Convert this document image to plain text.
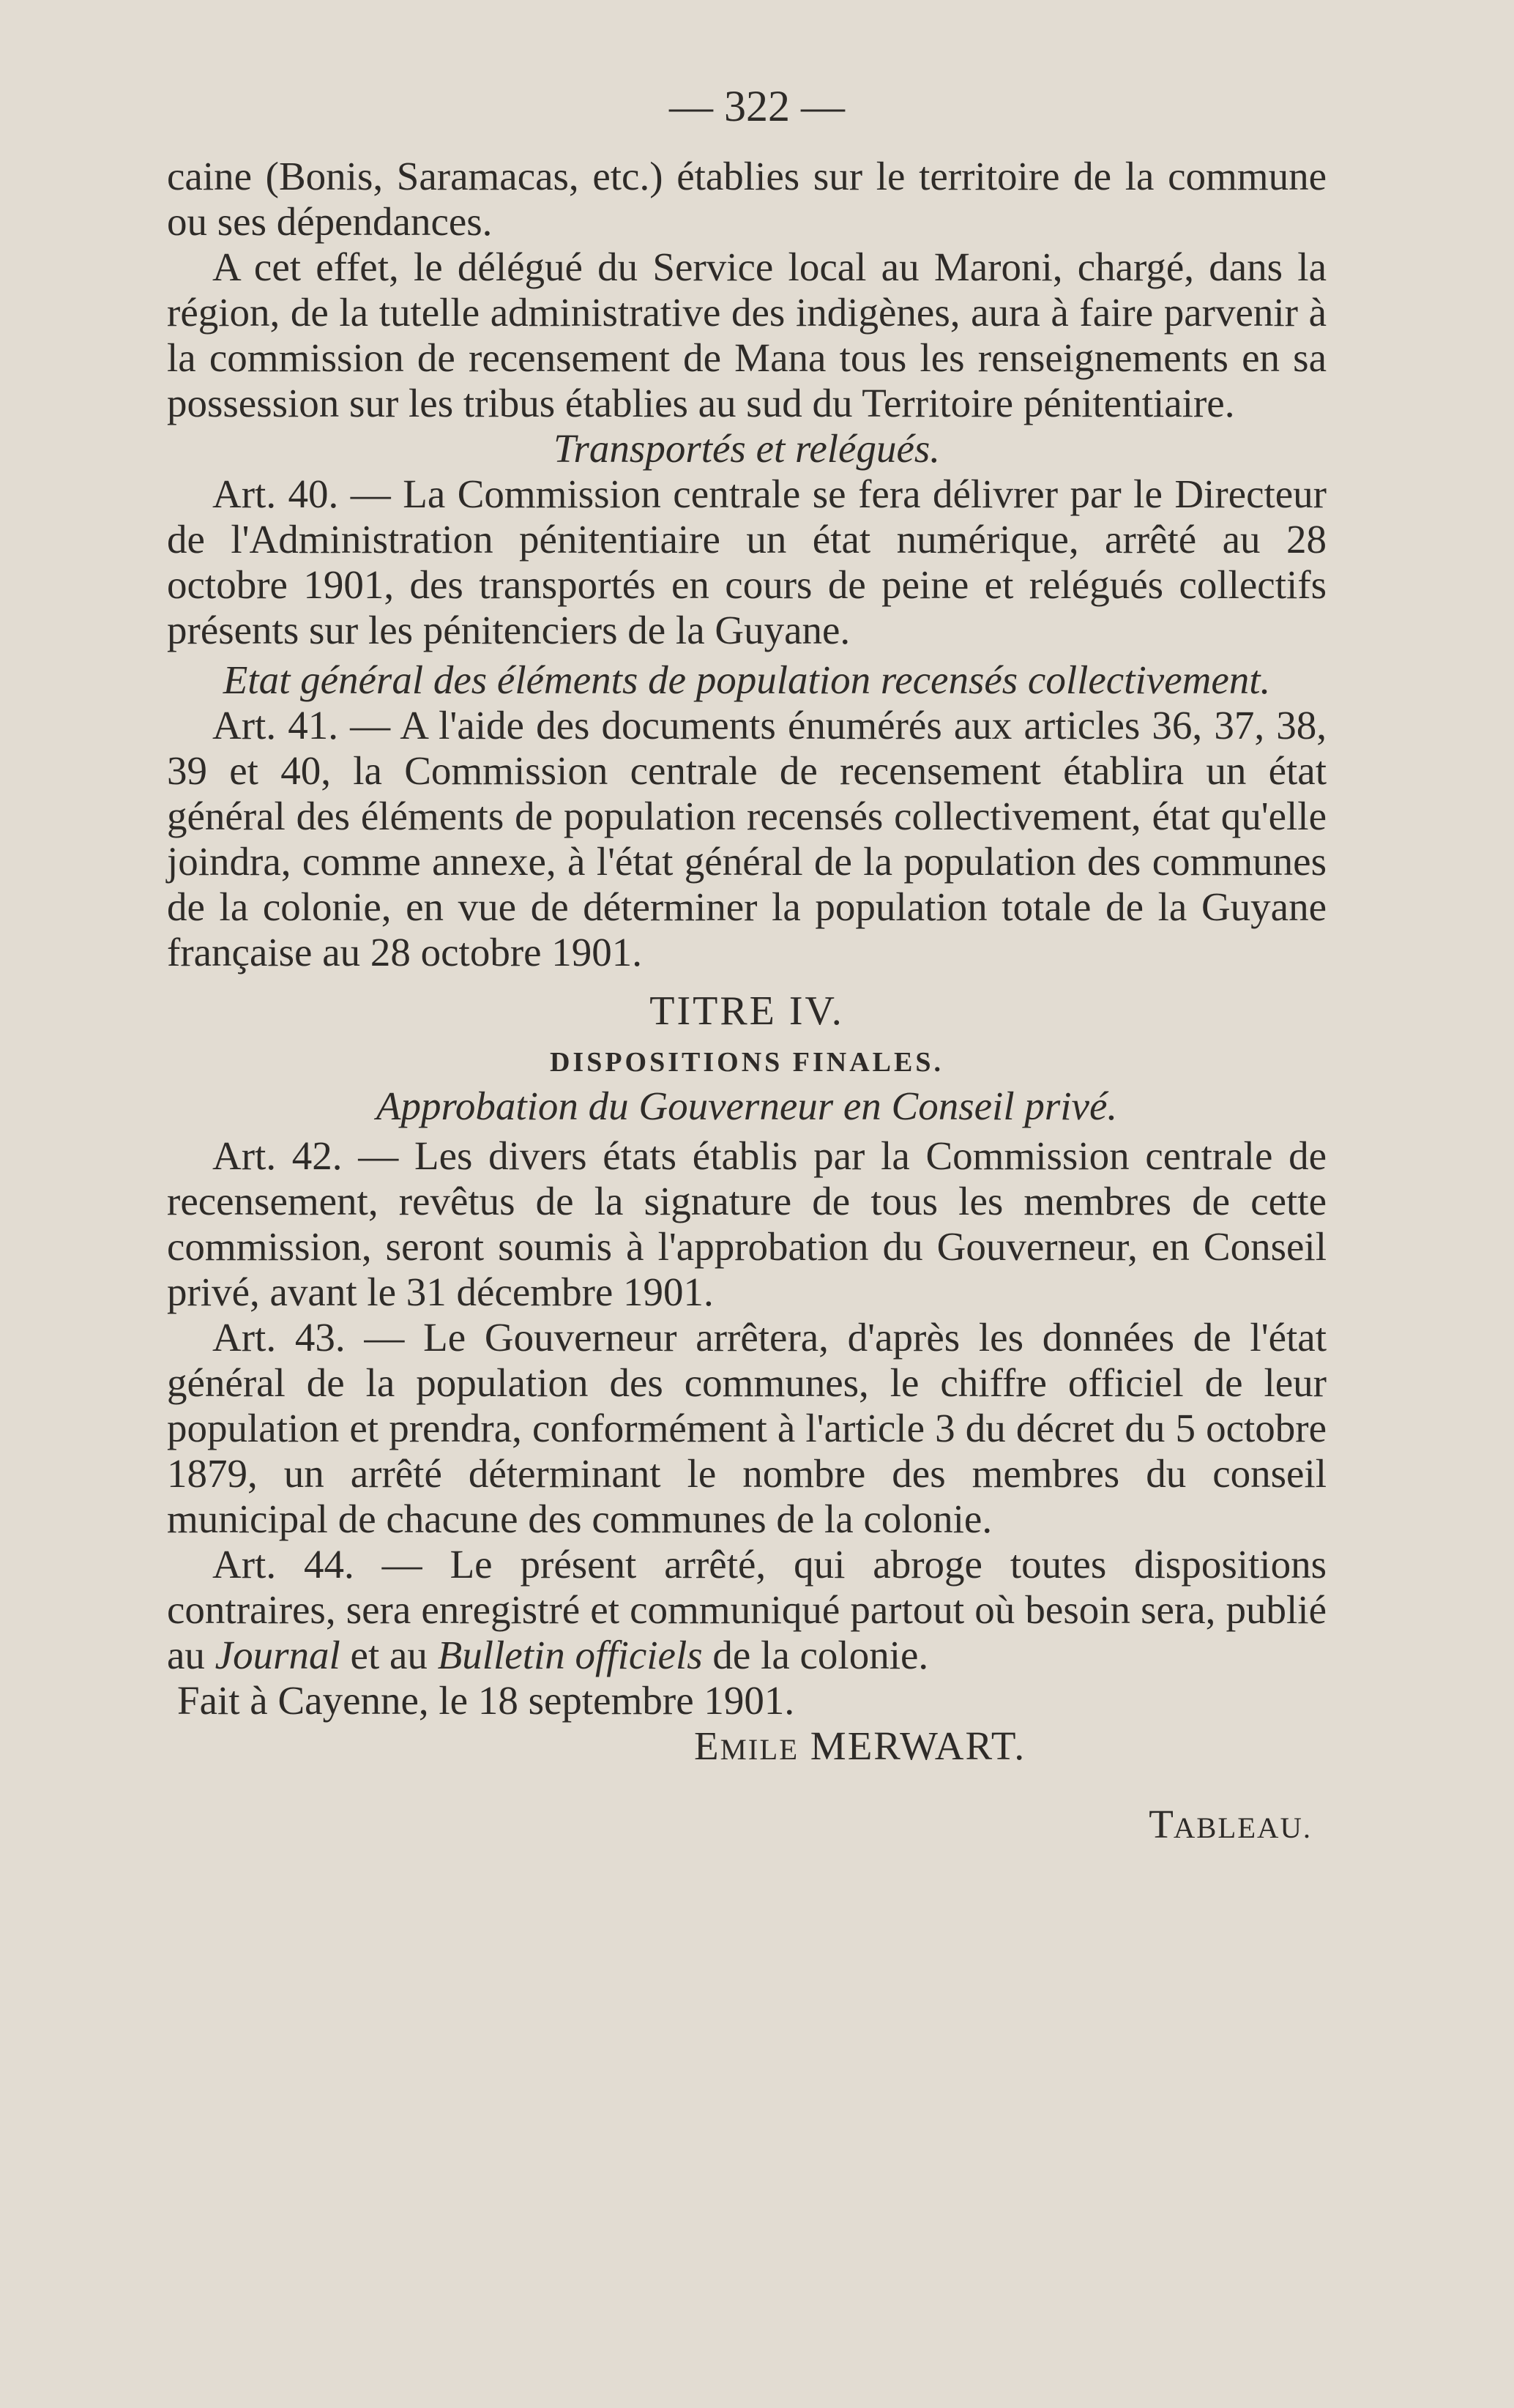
— 322 —

caine (Bonis, Saramacas, etc.) établies sur le territoire de la commune ou ses dépendances.

A cet effet, le délégué du Service local au Maroni, chargé, dans la région, de la tutelle administrative des indigènes, aura à faire parvenir à la commission de recensement de Mana tous les renseignements en sa possession sur les tribus établies au sud du Territoire pénitentiaire.

Transportés et relégués.

Art. 40. — La Commission centrale se fera délivrer par le Directeur de l'Administration pénitentiaire un état numérique, arrêté au 28 octobre 1901, des transportés en cours de peine et relégués collectifs présents sur les pénitenciers de la Guyane.

Etat général des éléments de population recensés collectivement.

Art. 41. — A l'aide des documents énumérés aux articles 36, 37, 38, 39 et 40, la Commission centrale de recensement établira un état général des éléments de population recensés collectivement, état qu'elle joindra, comme annexe, à l'état général de la population des communes de la colonie, en vue de déterminer la population totale de la Guyane française au 28 octobre 1901.

TITRE IV.

DISPOSITIONS FINALES.

Approbation du Gouverneur en Conseil privé.

Art. 42. — Les divers états établis par la Commission centrale de recensement, revêtus de la signature de tous les membres de cette commission, seront soumis à l'approbation du Gouverneur, en Conseil privé, avant le 31 décembre 1901.

Art. 43. — Le Gouverneur arrêtera, d'après les données de l'état général de la population des communes, le chiffre officiel de leur population et prendra, conformément à l'article 3 du décret du 5 octobre 1879, un arrêté déterminant le nombre des membres du conseil municipal de chacune des communes de la colonie.

Art. 44. — Le présent arrêté, qui abroge toutes dispositions contraires, sera enregistré et communiqué partout où besoin sera, publié au Journal et au Bulletin officiels de la colonie.

Fait à Cayenne, le 18 septembre 1901.

EMILE MERWART.

TABLEAU.
